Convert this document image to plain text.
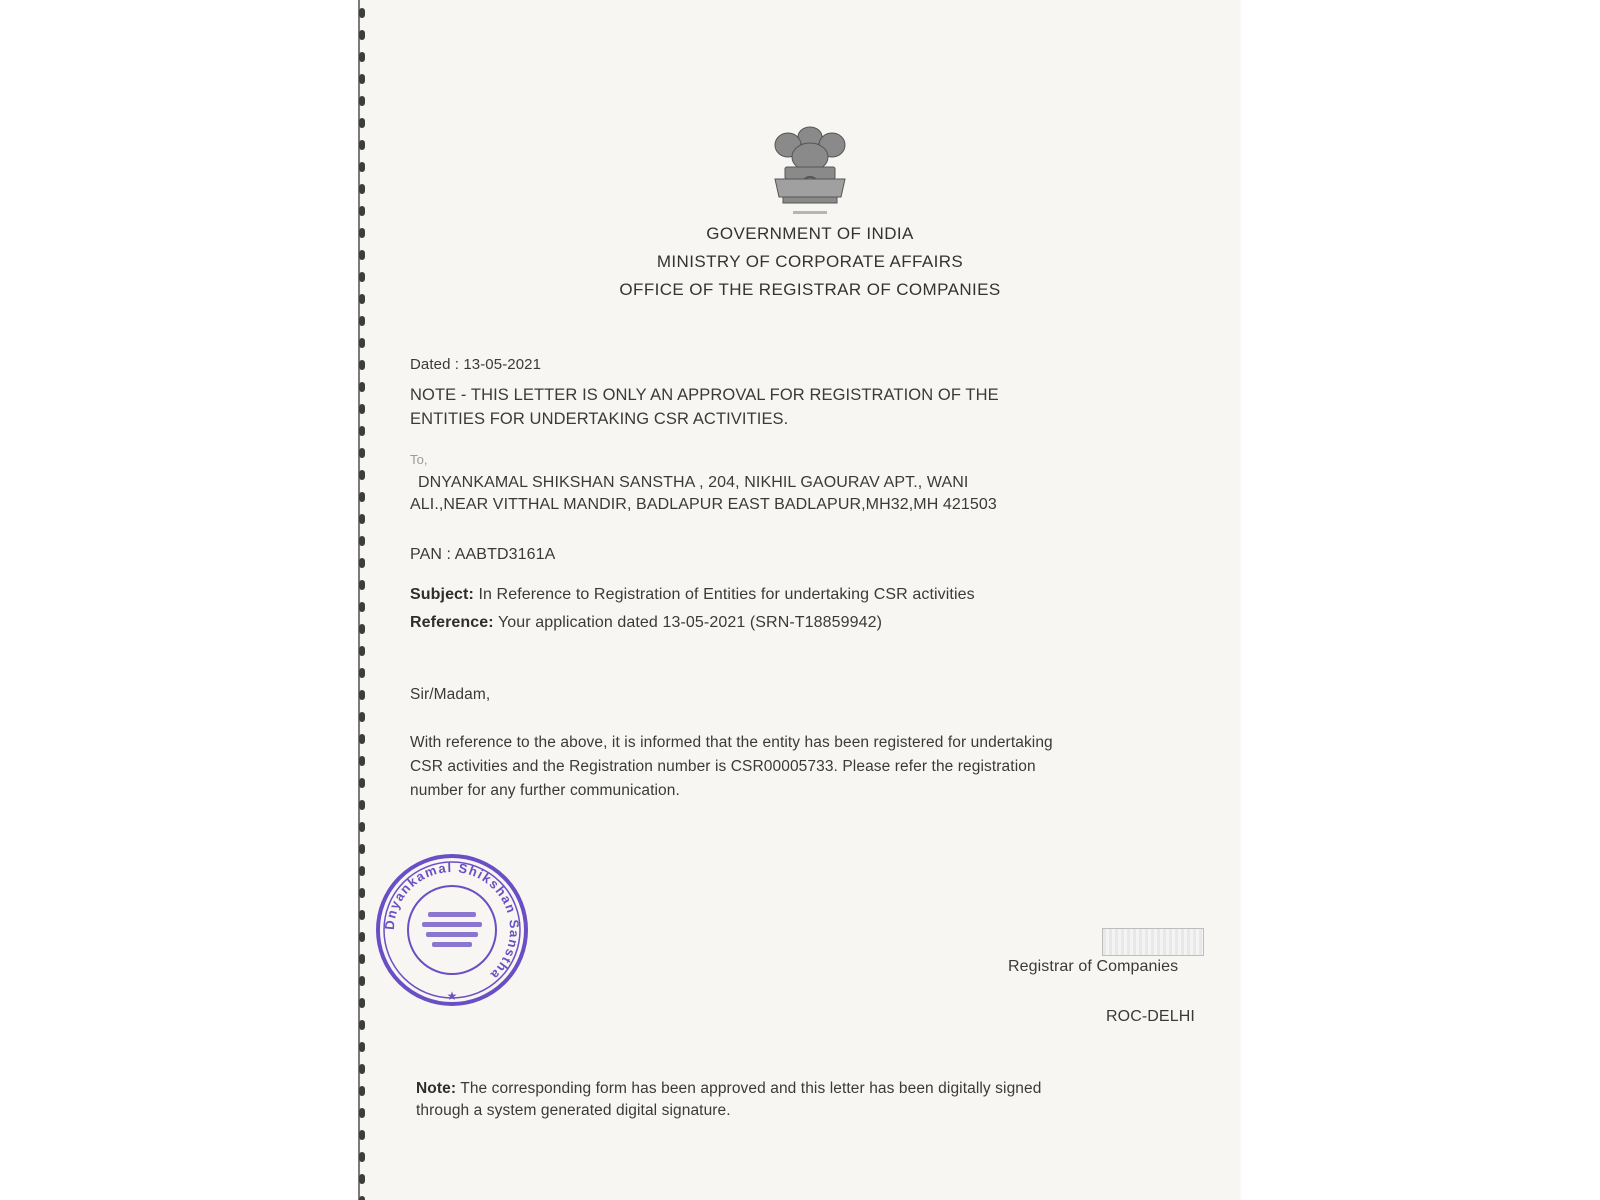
GOVERNMENT OF INDIA
MINISTRY OF CORPORATE AFFAIRS
OFFICE OF THE REGISTRAR OF COMPANIES
Dated : 13-05-2021
NOTE - THIS LETTER IS ONLY AN APPROVAL FOR REGISTRATION OF THE
ENTITIES FOR UNDERTAKING CSR ACTIVITIES.
To,
DNYANKAMAL SHIKSHAN SANSTHA , 204, NIKHIL GAOURAV APT., WANI
ALI.,NEAR VITTHAL MANDIR, BADLAPUR EAST BADLAPUR,MH32,MH 421503
PAN : AABTD3161A
Subject: In Reference to Registration of Entities for undertaking CSR activities
Reference: Your application dated 13-05-2021 (SRN-T18859942)
Sir/Madam,
With reference to the above, it is informed that the entity has been registered for undertaking
CSR activities and the Registration number is CSR00005733. Please refer the registration
number for any further communication.
Dnyankamal Shikshan Sanstha
★
Registrar of Companies
ROC-DELHI
Note: The corresponding form has been approved and this letter has been digitally signed
through a system generated digital signature.
